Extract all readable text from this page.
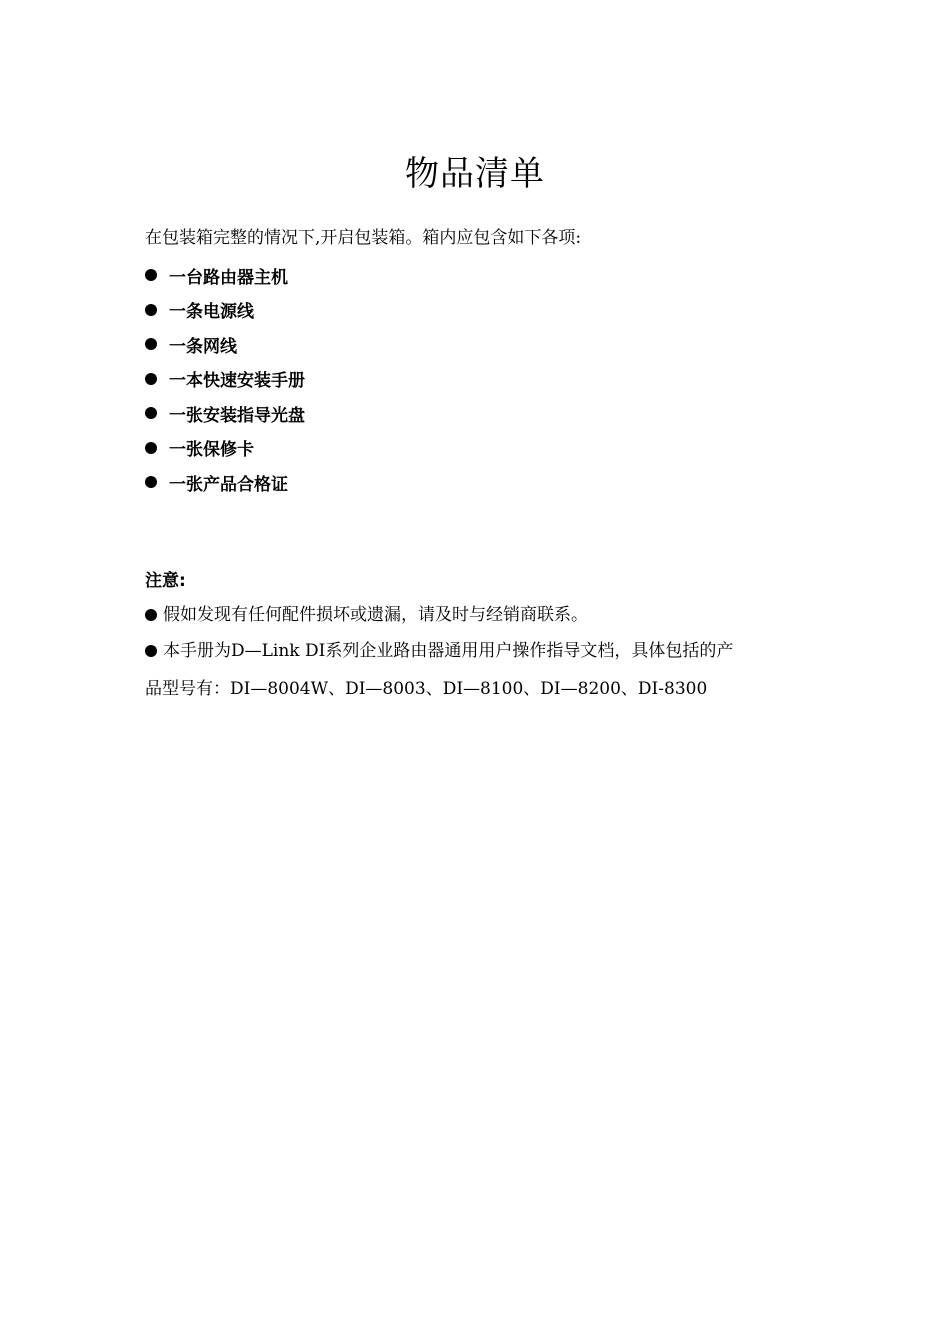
物品清单
在包装箱完整的情况下,开启包装箱。箱内应包含如下各项:
一台路由器主机
一条电源线
一条网线
一本快速安装手册
一张安装指导光盘
一张保修卡
一张产品合格证
注意:
假如发现有任何配件损坏或遗漏，请及时与经销商联系。
本手册为D—Link DI系列企业路由器通用用户操作指导文档，具体包括的产
品型号有：DI—8004W、DI—8003、DI—8100、DI—8200、DI-8300
